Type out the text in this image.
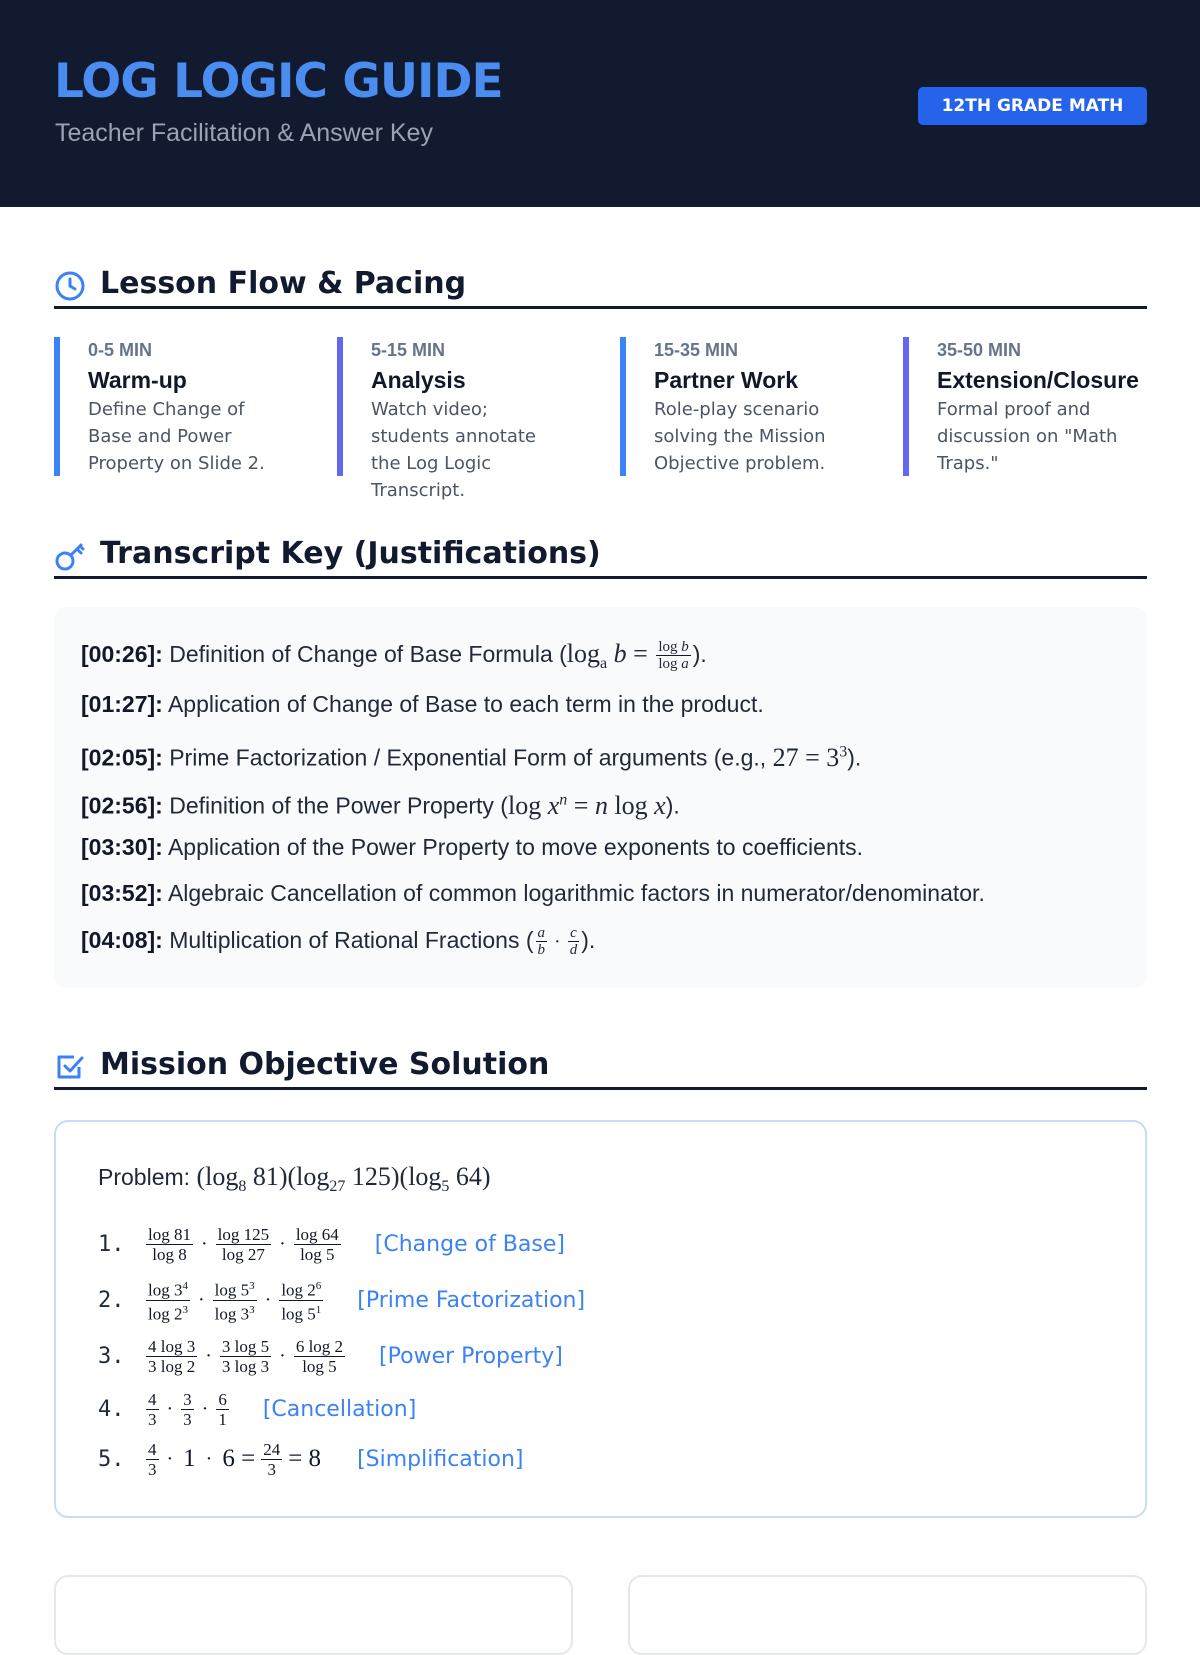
LOG LOGIC GUIDE
Teacher Facilitation & Answer Key
12TH GRADE MATH
Lesson Flow & Pacing
0-5 MIN
Warm-up
Define Change of Base and Power Property on Slide 2.
5-15 MIN
Analysis
Watch video; students annotate the Log Logic Transcript.
15-35 MIN
Partner Work
Role-play scenario solving the Mission Objective problem.
35-50 MIN
Extension/Closure
Formal proof and discussion on "Math Traps."
Transcript Key (Justifications)
[00:26]: Definition of Change of Base Formula ($\log_a$ $b = \frac{\text{log b}}{\text{log a}}$ ).
[01:27]: Application of Change of Base to each term in the product.
[02:05]: Prime Factorization / Exponential Form of arguments (e.g., $27 = 3^3$).
[02:56]: Definition of the Power Property (log $x^n = n$ log x).
[03:30]: Application of the Power Property to move exponents to coefficients.
[03:52]: Algebraic Cancellation of common logarithmic factors in numerator/denominator.
[04:08]: Multiplication of Rational Fractions ( $\frac{a}{b} \cdot \frac{c}{d}$ ).
Mission Objective Solution
Problem: ($\log_8$ $81)(\log_{27}$ $125)(\log_5$ 64)
1.	$\frac{\log 81}{\log 8} \cdot \frac{\log 125}{\log 27} \cdot \frac{\log 64}{\log 5}$ [Change of Base]
2.	$\frac{\log 3^4}{\log 2^3} \cdot \frac{\log 5^3}{\log 3^3} \cdot \frac{\log 2^6}{\log 5^1}$ [Prime Factorization]
3.	$\frac{4 \log 3}{3 \log 2} \cdot \frac{3 \log 5}{3 \log 3} \cdot \frac{6 \log 2}{\log 5}$ [Power Property]
4.	$\frac{4}{3} \cdot \frac{3}{3} \cdot \frac{6}{1}$ [Cancellation]
5.	$\frac{4}{3} \cdot 1 \cdot 6 = \frac{24}{3} = 8$ [Simplification]
